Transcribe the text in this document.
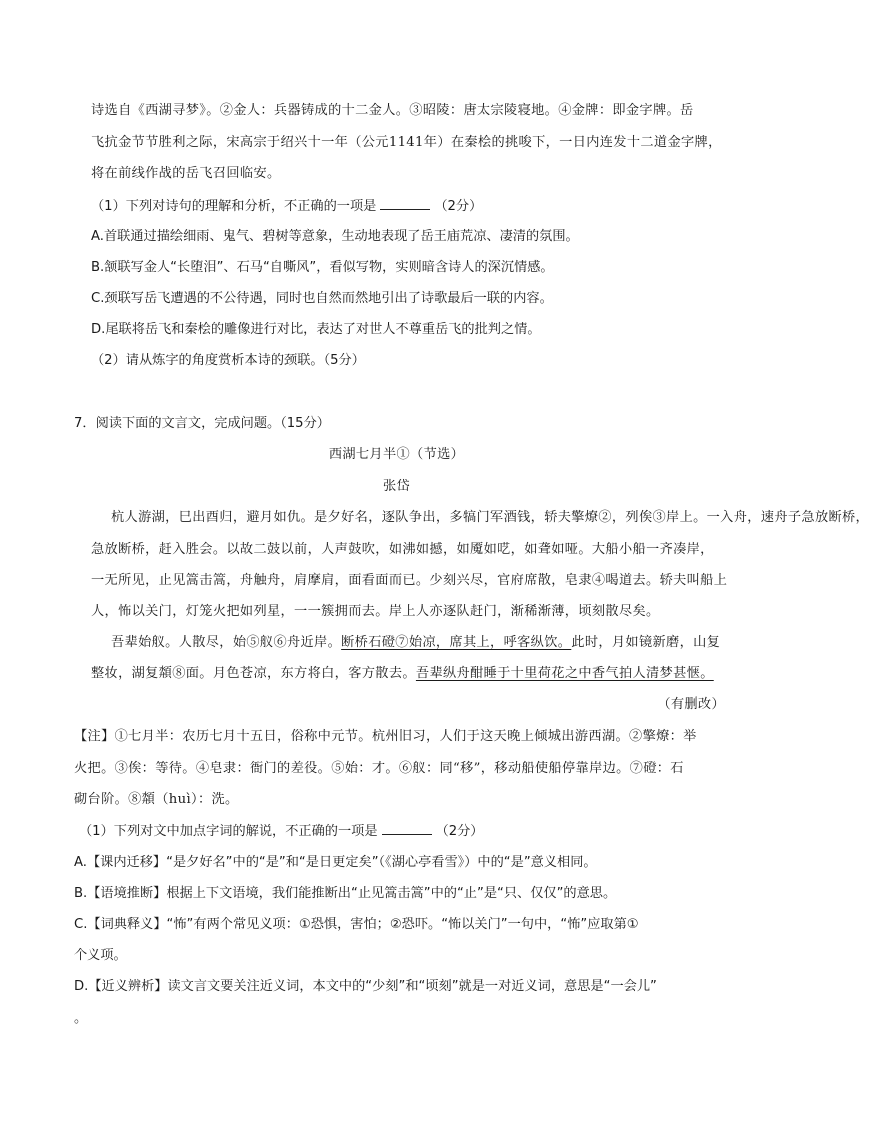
诗选自《西湖寻梦》。②金人：兵器铸成的十二金人。③昭陵：唐太宗陵寝地。④金牌：即金字牌。岳
飞抗金节节胜利之际，宋高宗于绍兴十一年（公元1141年）在秦桧的挑唆下，一日内连发十二道金字牌，
将在前线作战的岳飞召回临安。
（1）下列对诗句的理解和分析，不正确的一项是	（2分）
A.首联通过描绘细雨、鬼气、碧树等意象，生动地表现了岳王庙荒凉、凄清的氛围。
B.颔联写金人“长堕泪”、石马“自嘶风”，看似写物，实则暗含诗人的深沉情感。
C.颈联写岳飞遭遇的不公待遇，同时也自然而然地引出了诗歌最后一联的内容。
D.尾联将岳飞和秦桧的雕像进行对比，表达了对世人不尊重岳飞的批判之情。
（2）请从炼字的角度赏析本诗的颈联。（5分）
7．阅读下面的文言文，完成问题。（15分）
西湖七月半①（节选）
张岱
杭人游湖，巳出酉归，避月如仇。是夕好名，逐队争出，多犒门军酒钱，轿夫擎燎②，列俟③岸上。一入舟，速舟子急放断桥，
急放断桥，赶入胜会。以故二鼓以前，人声鼓吹，如沸如撼，如魇如呓，如聋如哑。大船小船一齐凑岸，
一无所见，止见篙击篙，舟触舟，肩摩肩，面看面而已。少刻兴尽，官府席散，皂隶④喝道去。轿夫叫船上
人，怖以关门，灯笼火把如列星，一一簇拥而去。岸上人亦逐队赶门，渐稀渐薄，顷刻散尽矣。
吾辈始舣。人散尽，始⑤舣⑥舟近岸。断桥石磴⑦始凉，席其上，呼客纵饮。此时，月如镜新磨，山复
整妆，湖复頮⑧面。月色苍凉，东方将白，客方散去。吾辈纵舟酣睡于十里荷花之中香气拍人清梦甚惬。
（有删改）
【注】①七月半：农历七月十五日，俗称中元节。杭州旧习，人们于这天晚上倾城出游西湖。②擎燎：举
火把。③俟：等待。④皂隶：衙门的差役。⑤始：才。⑥舣：同“移”，移动船使船停靠岸边。⑦磴：石
砌台阶。⑧頮（huì）：洗。
（1）下列对文中加点字词的解说，不正确的一项是	（2分）
A.【课内迁移】“是夕好名”中的“是”和“是日更定矣”（《湖心亭看雪》）中的“是”意义相同。
B.【语境推断】根据上下文语境，我们能推断出“止见篙击篙”中的“止”是“只、仅仅”的意思。
C.【词典释义】“怖”有两个常见义项：①恐惧，害怕；②恐吓。“怖以关门”一句中，“怖”应取第①
个义项。
D.【近义辨析】读文言文要关注近义词，本文中的“少刻”和“顷刻”就是一对近义词，意思是“一会儿”
。
